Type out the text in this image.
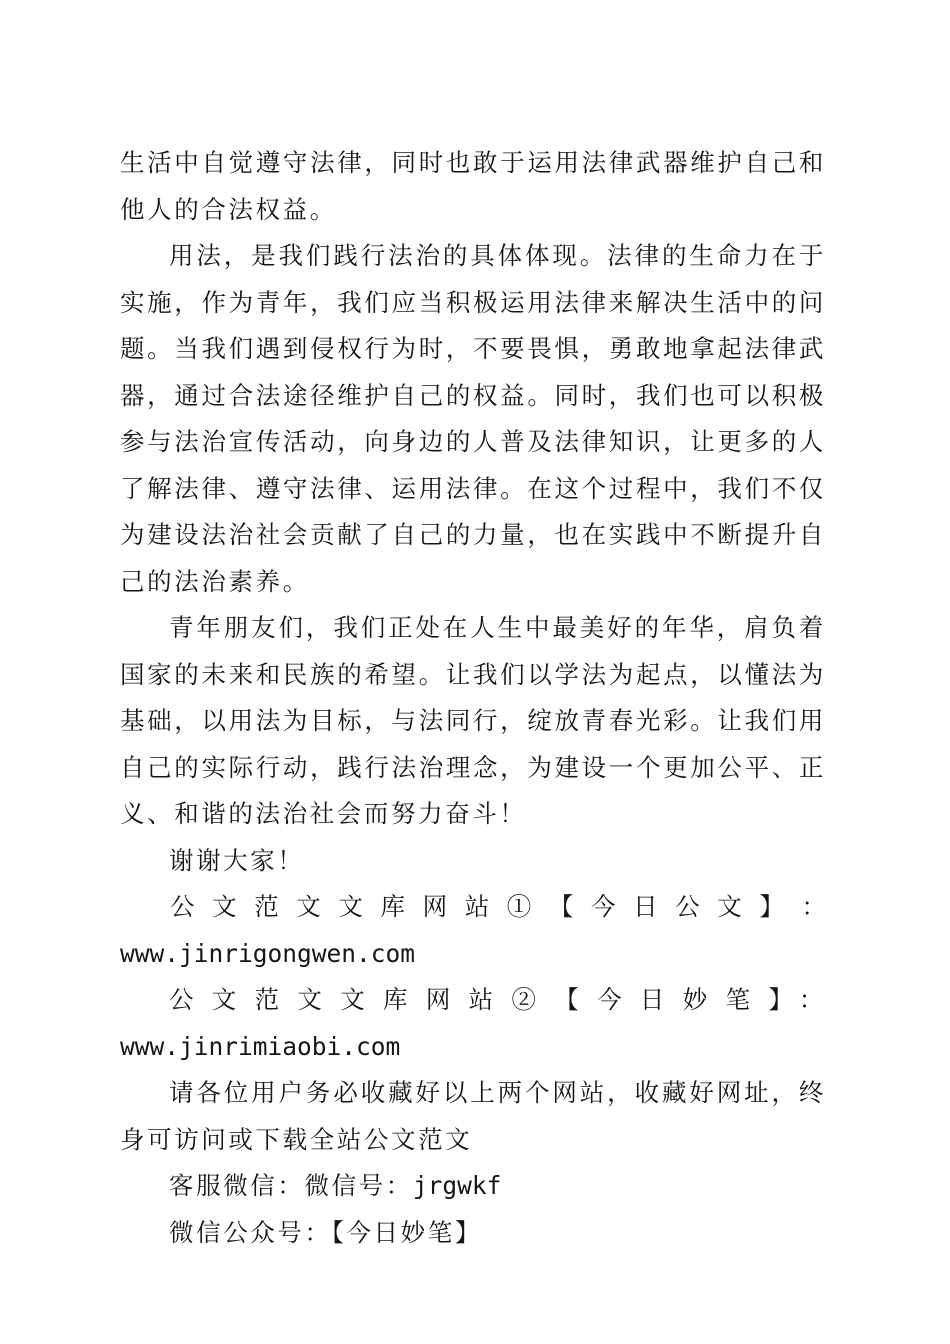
生活中自觉遵守法律，同时也敢于运用法律武器维护自己和他人的合法权益。

用法，是我们践行法治的具体体现。法律的生命力在于实施，作为青年，我们应当积极运用法律来解决生活中的问题。当我们遇到侵权行为时，不要畏惧，勇敢地拿起法律武器，通过合法途径维护自己的权益。同时，我们也可以积极参与法治宣传活动，向身边的人普及法律知识，让更多的人了解法律、遵守法律、运用法律。在这个过程中，我们不仅为建设法治社会贡献了自己的力量，也在实践中不断提升自己的法治素养。

青年朋友们，我们正处在人生中最美好的年华，肩负着国家的未来和民族的希望。让我们以学法为起点，以懂法为基础，以用法为目标，与法同行，绽放青春光彩。让我们用自己的实际行动，践行法治理念，为建设一个更加公平、正义、和谐的法治社会而努力奋斗！

谢谢大家！

公 文 范 文 文 库 网 站 ① 【 今 日 公 文 】 ：
www.jinrigongwen.com

公文范文文库网站②【今日妙笔】：www.jinrimiaobi.com

请各位用户务必收藏好以上两个网站，收藏好网址，终身可访问或下载全站公文范文

客服微信：微信号：jrgwkf

微信公众号：【今日妙笔】
